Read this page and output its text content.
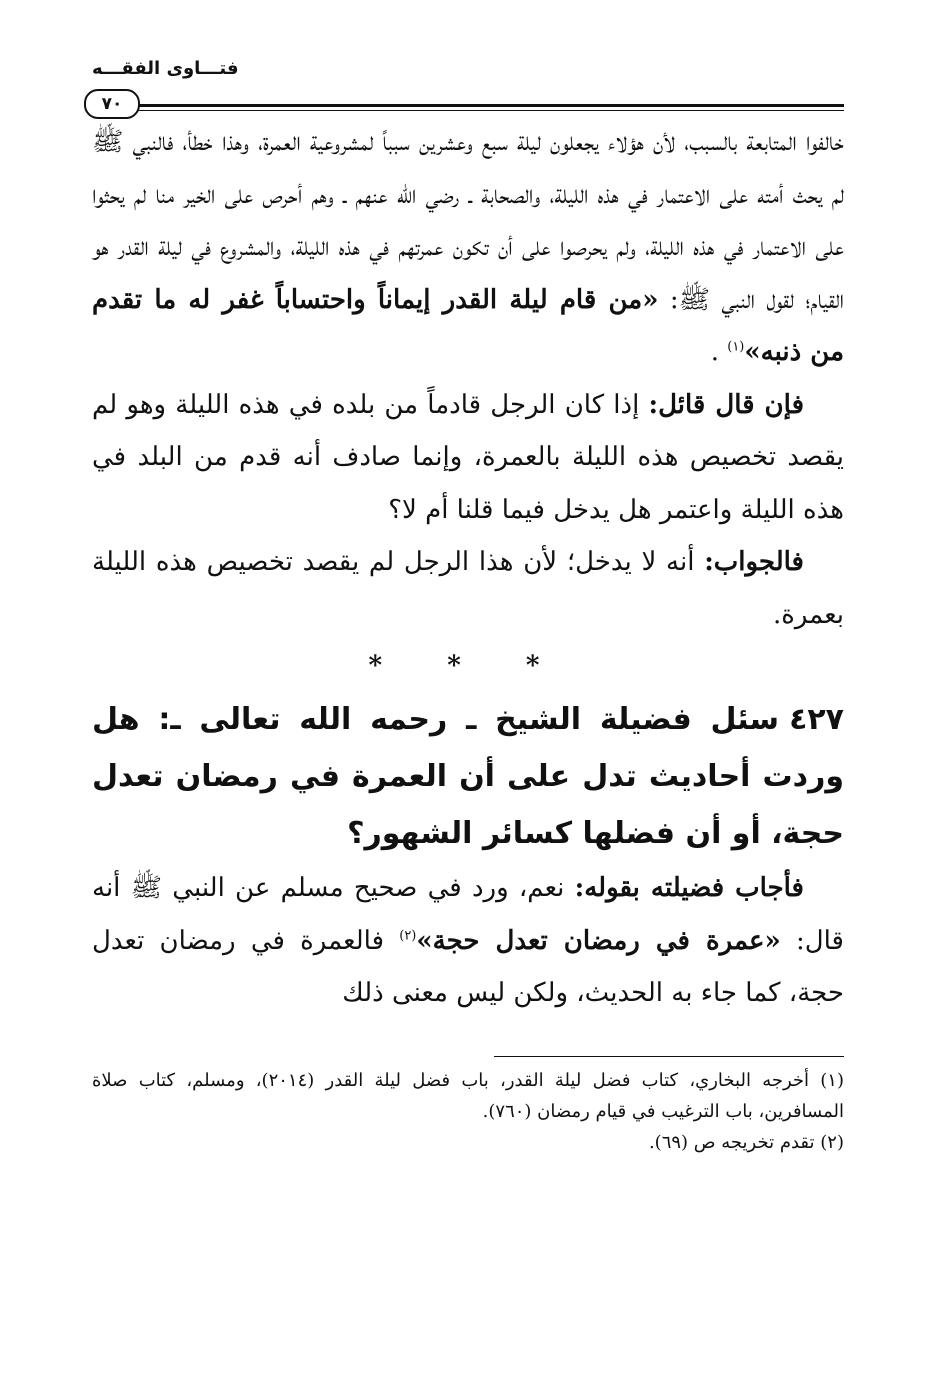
فتـــاوى الفقـــه
٧٠

خالفوا المتابعة بالسبب، لأن هؤلاء يجعلون ليلة سبع وعشرين سبباً لمشروعية العمرة، وهذا خطأ، فالنبي ﷺ لم يحث أمته على الاعتمار في هذه الليلة، والصحابة ـ رضي الله عنهم ـ وهم أحرص على الخير منا لم يحثوا على الاعتمار في هذه الليلة، ولم يحرصوا على أن تكون عمرتهم في هذه الليلة، والمشروع في ليلة القدر هو القيام؛ لقول النبي ﷺ: «من قام ليلة القدر إيماناً واحتساباً غفر له ما تقدم من ذنبه»$^{(١)}$ .

فإن قال قائل: إذا كان الرجل قادماً من بلده في هذه الليلة وهو لم يقصد تخصيص هذه الليلة بالعمرة، وإنما صادف أنه قدم من البلد في هذه الليلة واعتمر هل يدخل فيما قلنا أم لا؟

فالجواب: أنه لا يدخل؛ لأن هذا الرجل لم يقصد تخصيص هذه الليلة بعمرة.

* * *

٤٢٧سئل فضيلة الشيخ ـ رحمه الله تعالى ـ: هل وردت أحاديث تدل على أن العمرة في رمضان تعدل حجة، أو أن فضلها كسائر الشهور؟

فأجاب فضيلته بقوله: نعم، ورد في صحيح مسلم عن النبي ﷺ أنه قال: «عمرة في رمضان تعدل حجة»$^{(٢)}$ فالعمرة في رمضان تعدل حجة، كما جاء به الحديث، ولكن ليس معنى ذلك

(١) أخرجه البخاري، كتاب فضل ليلة القدر، باب فضل ليلة القدر (٢٠١٤)، ومسلم، كتاب صلاة المسافرين، باب الترغيب في قيام رمضان (٧٦٠).

(٢) تقدم تخريجه ص (٦٩).
